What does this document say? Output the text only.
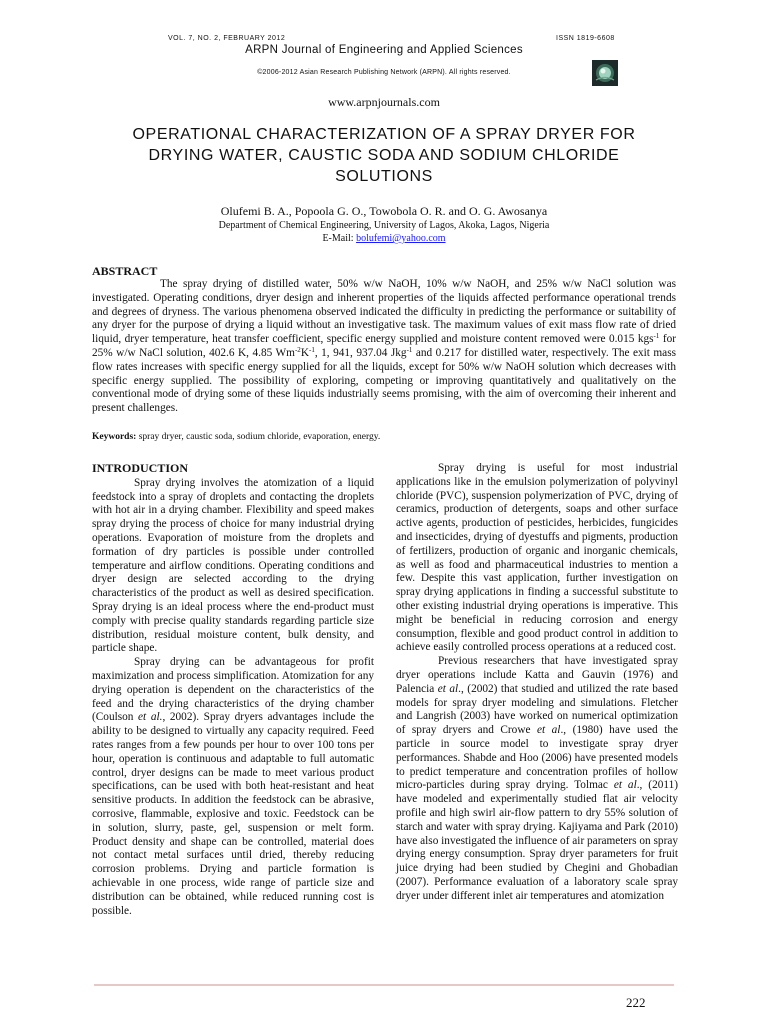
VOL. 7, NO. 2, FEBRUARY 2012	ISSN 1819-6608
ARPN Journal of Engineering and Applied Sciences
©2006-2012 Asian Research Publishing Network (ARPN). All rights reserved.
www.arpnjournals.com
OPERATIONAL CHARACTERIZATION OF A SPRAY DRYER FOR DRYING WATER, CAUSTIC SODA AND SODIUM CHLORIDE SOLUTIONS
Olufemi B. A., Popoola G. O., Towobola O. R. and O. G. Awosanya
Department of Chemical Engineering, University of Lagos, Akoka, Lagos, Nigeria
E-Mail: bolufemi@yahoo.com
ABSTRACT

The spray drying of distilled water, 50% w/w NaOH, 10% w/w NaOH, and 25% w/w NaCl solution was investigated. Operating conditions, dryer design and inherent properties of the liquids affected performance operational trends and degrees of dryness. The various phenomena observed indicated the difficulty in predicting the performance or suitability of any dryer for the purpose of drying a liquid without an investigative task. The maximum values of exit mass flow rate of dried liquid, dryer temperature, heat transfer coefficient, specific energy supplied and moisture content removed were 0.015 kgs$^{-1}$ for 25% w/w NaCl solution, 402.6 K, 4.85 $Wm^{-2}K^{-1}$, 1, 941, 937.04 Jkg$^{-1}$ and 0.217 for distilled water, respectively. The exit mass flow rates increases with specific energy supplied for all the liquids, except for 50% w/w NaOH solution which decreases with specific energy supplied. The possibility of exploring, competing or improving quantitatively and qualitatively on the conventional mode of drying some of these liquids industrially seems promising, with the aim of overcoming their inherent and present challenges.

Keywords: spray dryer, caustic soda, sodium chloride, evaporation, energy.
INTRODUCTION

Spray drying involves the atomization of a liquid feedstock into a spray of droplets and contacting the droplets with hot air in a drying chamber. Flexibility and speed makes spray drying the process of choice for many industrial drying operations. Evaporation of moisture from the droplets and formation of dry particles is possible under controlled temperature and airflow conditions. Operating conditions and dryer design are selected according to the drying characteristics of the product as well as desired specification. Spray drying is an ideal process where the end-product must comply with precise quality standards regarding particle size distribution, residual moisture content, bulk density, and particle shape.

Spray drying can be advantageous for profit maximization and process simplification. Atomization for any drying operation is dependent on the characteristics of the feed and the drying characteristics of the drying chamber (Coulson et al., 2002). Spray dryers advantages include the ability to be designed to virtually any capacity required. Feed rates ranges from a few pounds per hour to over 100 tons per hour, operation is continuous and adaptable to full automatic control, dryer designs can be made to meet various product specifications, can be used with both heat-resistant and heat sensitive products. In addition the feedstock can be abrasive, corrosive, flammable, explosive and toxic. Feedstock can be in solution, slurry, paste, gel, suspension or melt form. Product density and shape can be controlled, material does not contact metal surfaces until dried, thereby reducing corrosion problems. Drying and particle formation is achievable in one process, wide range of particle size and distribution can be obtained, while reduced running cost is possible.

Spray drying is useful for most industrial applications like in the emulsion polymerization of polyvinyl chloride (PVC), suspension polymerization of PVC, drying of ceramics, production of detergents, soaps and other surface active agents, production of pesticides, herbicides, fungicides and insecticides, drying of dyestuffs and pigments, production of fertilizers, production of organic and inorganic chemicals, as well as food and pharmaceutical industries to mention a few. Despite this vast application, further investigation on spray drying applications in finding a successful substitute to other existing industrial drying operations is imperative. This might be beneficial in reducing corrosion and energy consumption, flexible and good product control in addition to achieve easily controlled process operations at a reduced cost.

Previous researchers that have investigated spray dryer operations include Katta and Gauvin (1976) and Palencia et al., (2002) that studied and utilized the rate based models for spray dryer modeling and simulations. Fletcher and Langrish (2003) have worked on numerical optimization of spray dryers and Crowe et al., (1980) have used the particle in source model to investigate spray dryer performances. Shabde and Hoo (2006) have presented models to predict temperature and concentration profiles of hollow micro-particles during spray drying. Tolmac et al., (2011) have modeled and experimentally studied flat air velocity profile and high swirl air-flow pattern to dry 55% solution of starch and water with spray drying. Kajiyama and Park (2010) have also investigated the influence of air parameters on spray drying energy consumption. Spray dryer parameters for fruit juice drying had been studied by Chegini and Ghobadian (2007). Performance evaluation of a laboratory scale spray dryer under different inlet air temperatures and atomization

222
